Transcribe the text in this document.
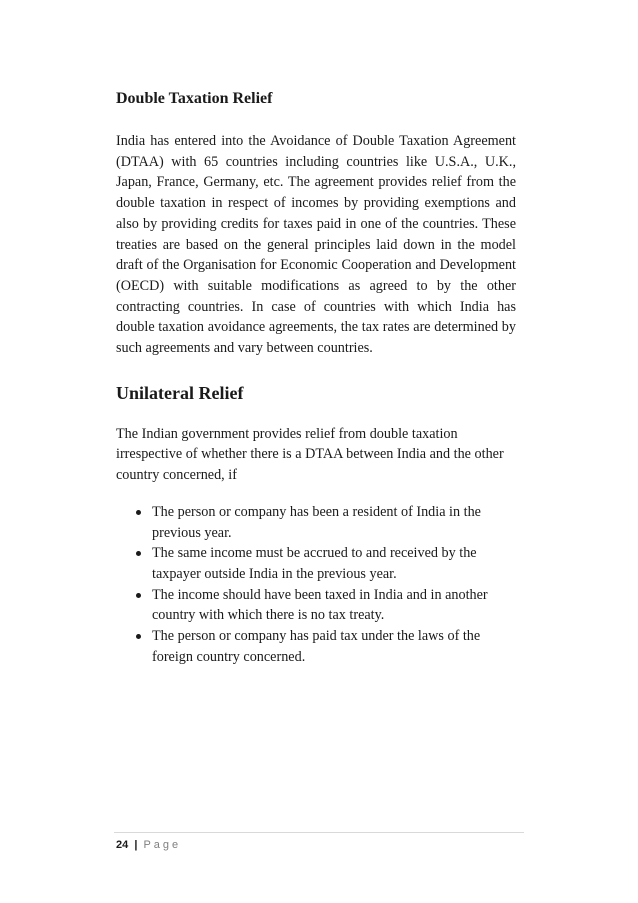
Double Taxation Relief

India has entered into the Avoidance of Double Taxation Agreement (DTAA) with 65 countries including countries like U.S.A., U.K., Japan, France, Germany, etc. The agreement provides relief from the double taxation in respect of incomes by providing exemptions and also by providing credits for taxes paid in one of the countries. These treaties are based on the general principles laid down in the model draft of the Organisation for Economic Cooperation and Development (OECD) with suitable modifications as agreed to by the other contracting countries. In case of countries with which India has double taxation avoidance agreements, the tax rates are determined by such agreements and vary between countries.

Unilateral Relief

The Indian government provides relief from double taxation irrespective of whether there is a DTAA between India and the other country concerned, if

The person or company has been a resident of India in the previous year.
The same income must be accrued to and received by the taxpayer outside India in the previous year.
The income should have been taxed in India and in another country with which there is no tax treaty.
The person or company has paid tax under the laws of the foreign country concerned.
24 | Page
